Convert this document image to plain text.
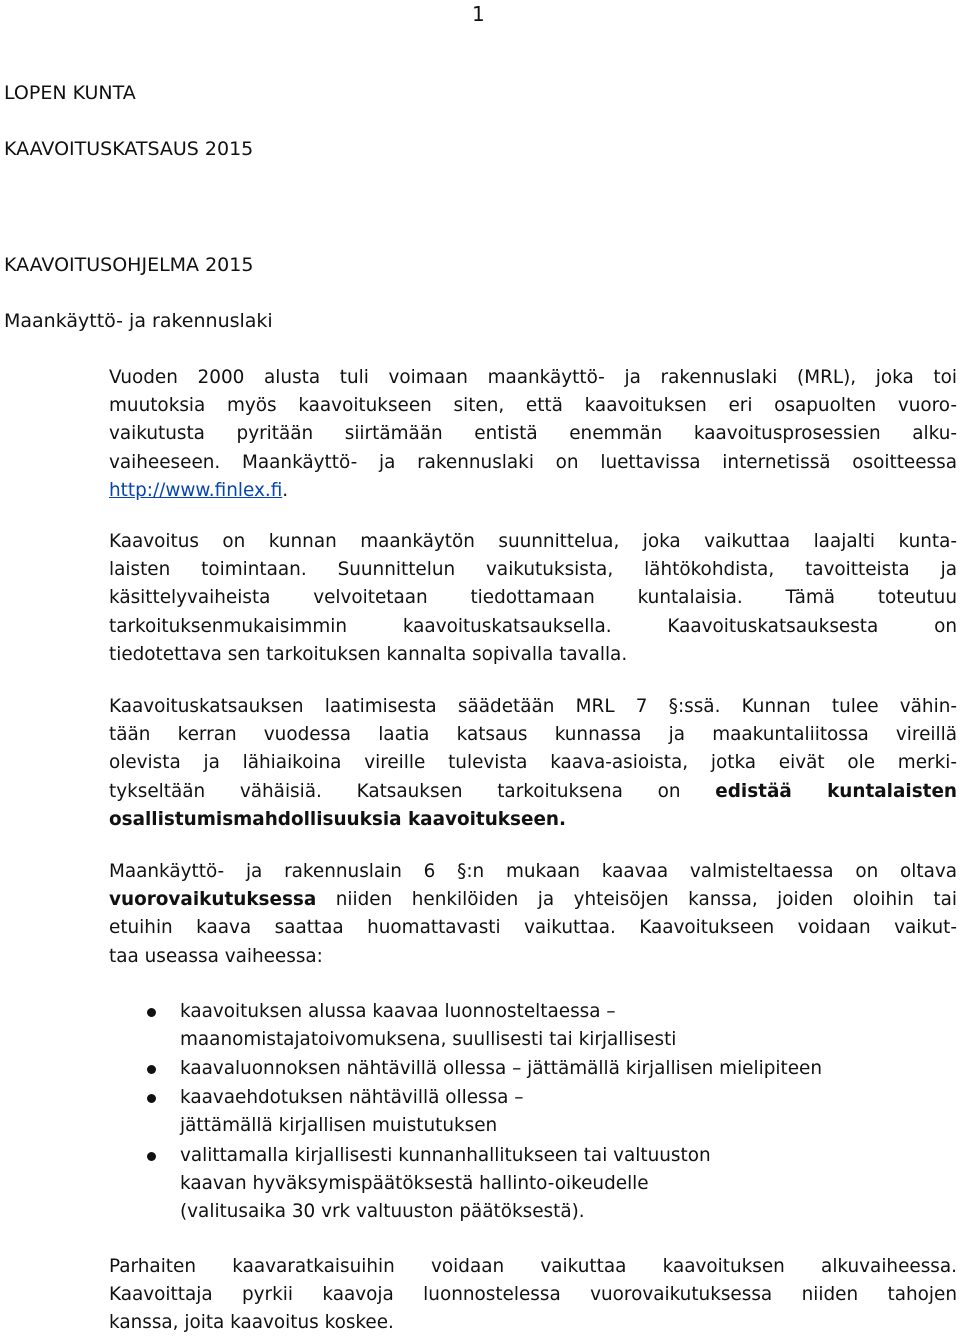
1
LOPEN KUNTA
KAAVOITUSKATSAUS 2015
KAAVOITUSOHJELMA 2015
Maankäyttö- ja rakennuslaki
Vuoden 2000 alusta tuli voimaan maankäyttö- ja rakennuslaki (MRL), joka toi
muutoksia myös kaavoitukseen siten, että kaavoituksen eri osapuolten vuoro-
vaikutusta pyritään siirtämään entistä enemmän kaavoitusprosessien alku-
vaiheeseen. Maankäyttö- ja rakennuslaki on luettavissa internetissä osoitteessa
http://www.finlex.fi.
Kaavoitus on kunnan maankäytön suunnittelua, joka vaikuttaa laajalti kunta-
laisten toimintaan. Suunnittelun vaikutuksista, lähtökohdista, tavoitteista ja
käsittelyvaiheista velvoitetaan tiedottamaan kuntalaisia. Tämä toteutuu
tarkoituksenmukaisimmin kaavoituskatsauksella. Kaavoituskatsauksesta on
tiedotettava sen tarkoituksen kannalta sopivalla tavalla.
Kaavoituskatsauksen laatimisesta säädetään MRL 7 §:ssä. Kunnan tulee vähin-
tään kerran vuodessa laatia katsaus kunnassa ja maakuntaliitossa vireillä
olevista ja lähiaikoina vireille tulevista kaava-asioista, jotka eivät ole merki-
tykseltään vähäisiä. Katsauksen tarkoituksena on edistää kuntalaisten
osallistumismahdollisuuksia kaavoitukseen.
Maankäyttö- ja rakennuslain 6 §:n mukaan kaavaa valmisteltaessa on oltava
vuorovaikutuksessa niiden henkilöiden ja yhteisöjen kanssa, joiden oloihin tai
etuihin kaava saattaa huomattavasti vaikuttaa. Kaavoitukseen voidaan vaikut-
taa useassa vaiheessa:
kaavoituksen alussa kaavaa luonnosteltaessa –
maanomistajatoivomuksena, suullisesti tai kirjallisesti
kaavaluonnoksen nähtävillä ollessa – jättämällä kirjallisen mielipiteen
kaavaehdotuksen nähtävillä ollessa –
jättämällä kirjallisen muistutuksen
valittamalla kirjallisesti kunnanhallitukseen tai valtuuston
kaavan hyväksymispäätöksestä hallinto-oikeudelle
(valitusaika 30 vrk valtuuston päätöksestä).
Parhaiten kaavaratkaisuihin voidaan vaikuttaa kaavoituksen alkuvaiheessa.
Kaavoittaja pyrkii kaavoja luonnostelessa vuorovaikutuksessa niiden tahojen
kanssa, joita kaavoitus koskee.
